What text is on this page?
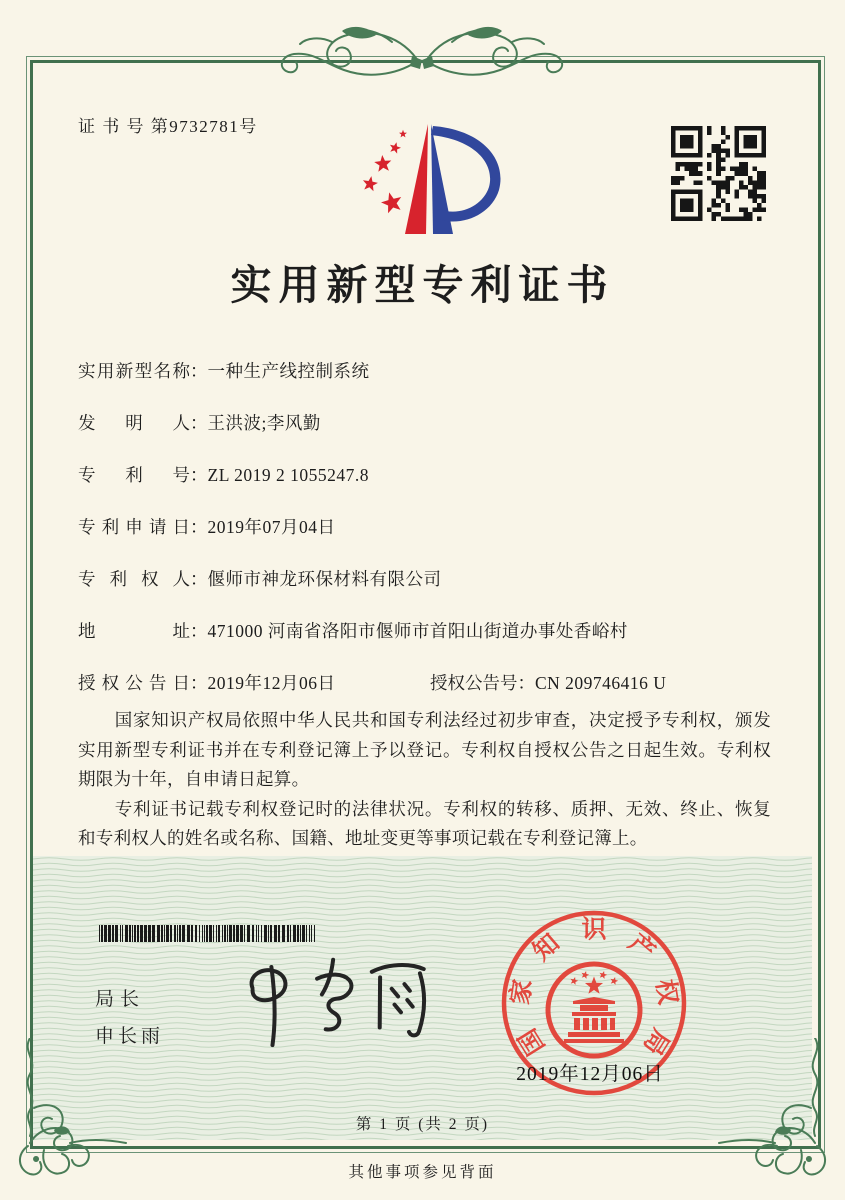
证 书 号 第9732781号
实用新型专利证书
实用新型名称：一种生产线控制系统
发明人：王洪波;李风勤
专利号：ZL 2019 2 1055247.8
专利申请日：2019年07月04日
专利权人：偃师市神龙环保材料有限公司
地址：471000 河南省洛阳市偃师市首阳山街道办事处香峪村
授权公告日：2019年12月06日	授权公告号：CN 209746416 U

国家知识产权局依照中华人民共和国专利法经过初步审查，决定授予专利权，颁发实用新型专利证书并在专利登记簿上予以登记。专利权自授权公告之日起生效。专利权期限为十年，自申请日起算。

专利证书记载专利权登记时的法律状况。专利权的转移、质押、无效、终止、恢复和专利权人的姓名或名称、国籍、地址变更等事项记载在专利登记簿上。

局长
申长雨	国
家
知 识 产
权
局
2019年12月06日
第 1 页 (共 2 页)
其他事项参见背面
